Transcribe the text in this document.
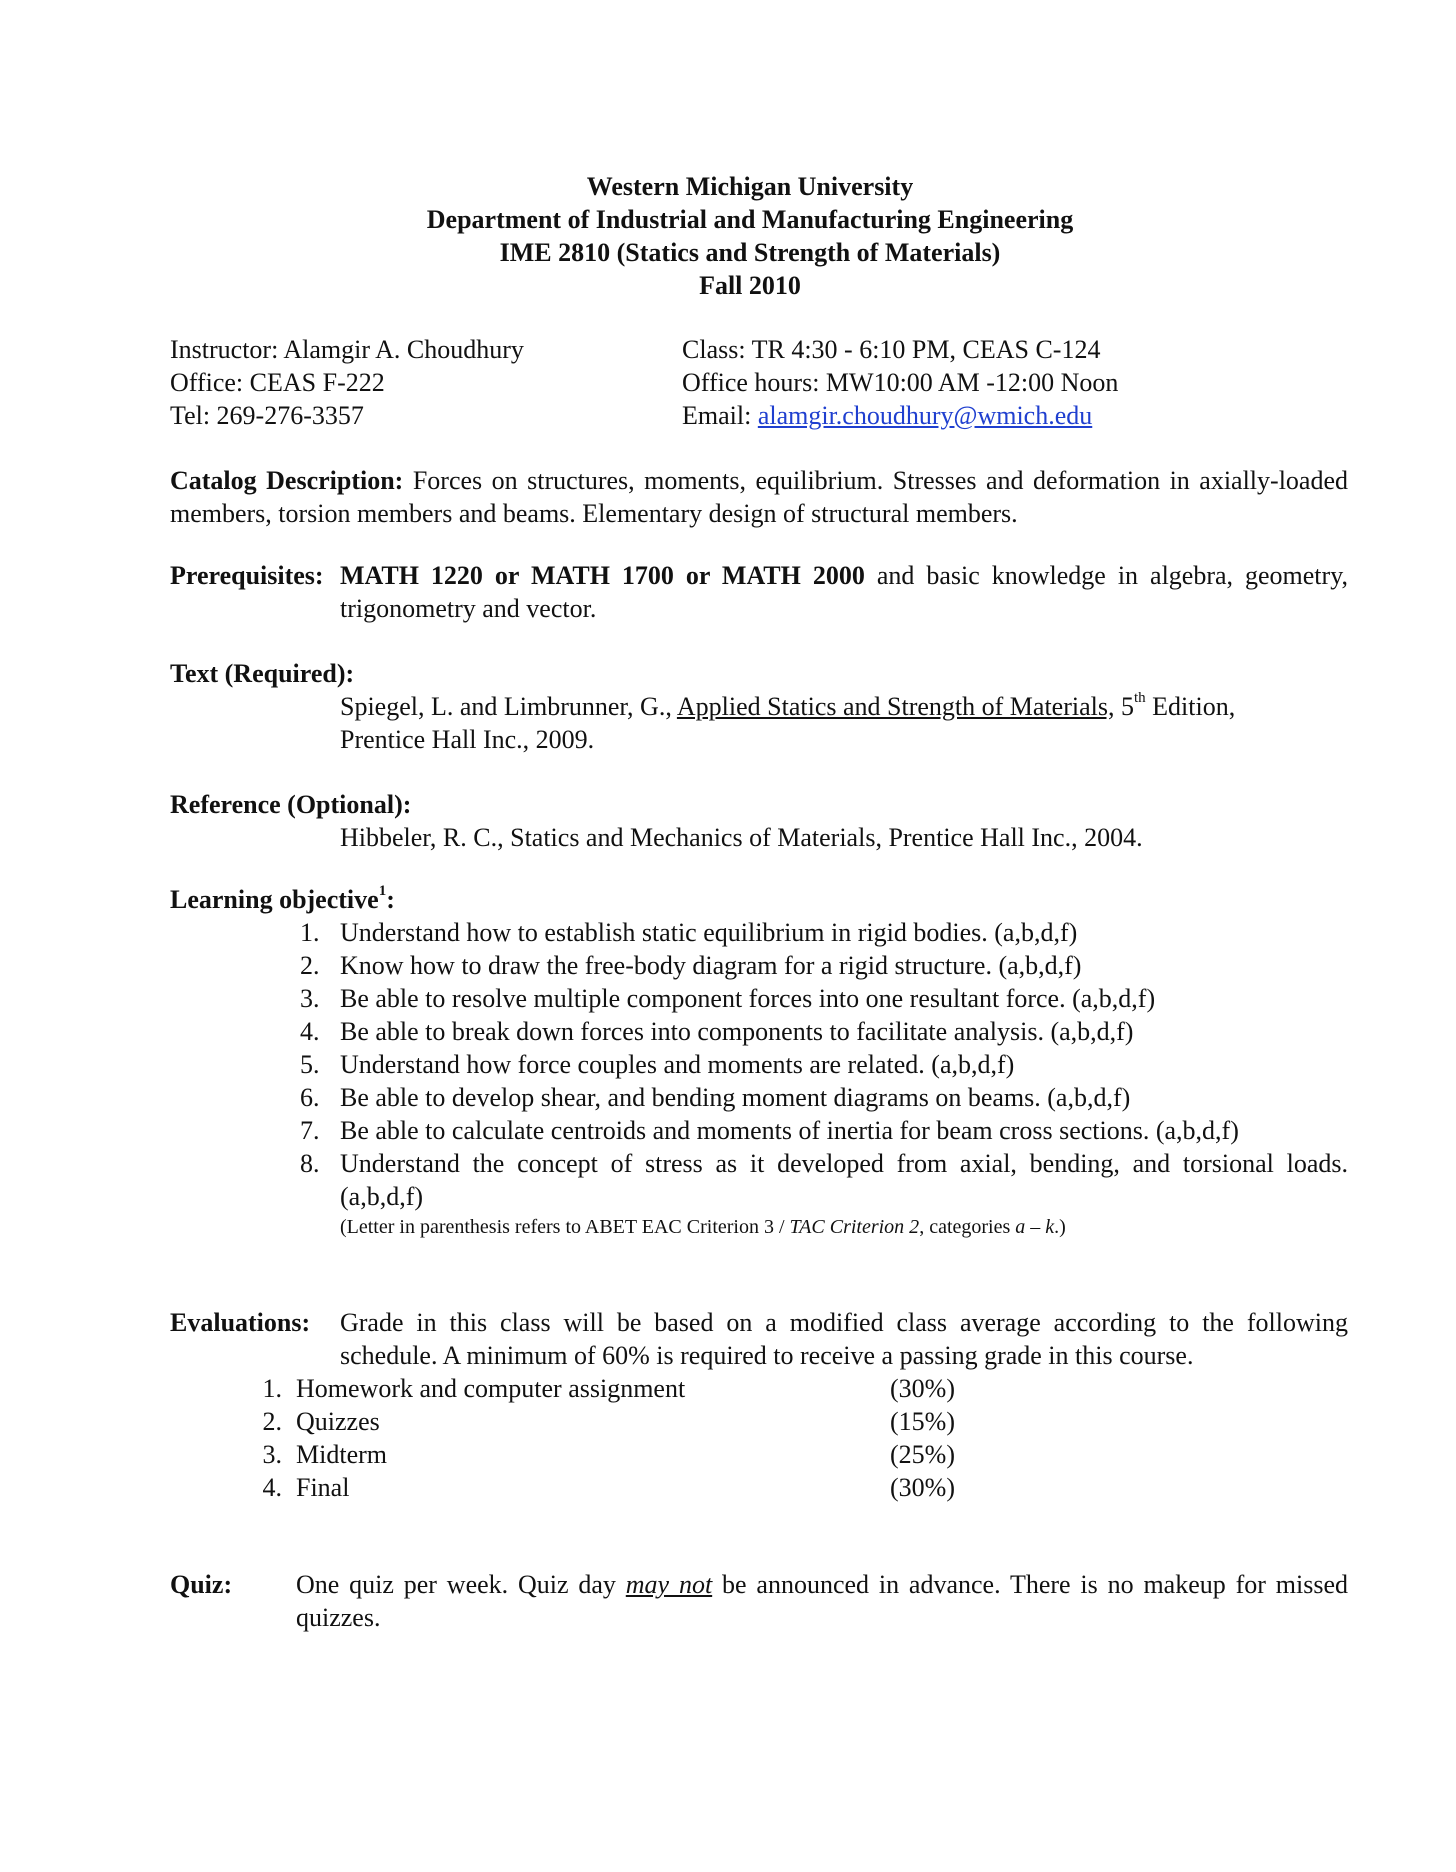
Western Michigan University
Department of Industrial and Manufacturing Engineering
IME 2810 (Statics and Strength of Materials)
Fall 2010
Instructor: Alamgir A. Choudhury	Class: TR 4:30 - 6:10 PM, CEAS C-124
Office: CEAS F-222	Office hours: MW10:00 AM -12:00 Noon
Tel: 269-276-3357	Email: alamgir.choudhury@wmich.edu
Catalog Description: Forces on structures, moments, equilibrium. Stresses and deformation in axially-loaded members, torsion members and beams. Elementary design of structural members.
Prerequisites: MATH 1220 or MATH 1700 or MATH 2000 and basic knowledge in algebra, geometry, trigonometry and vector.
Text (Required):
Spiegel, L. and Limbrunner, G., Applied Statics and Strength of Materials, 5th Edition,
Prentice Hall Inc., 2009.
Reference (Optional):
Hibbeler, R. C., Statics and Mechanics of Materials, Prentice Hall Inc., 2004.
Learning objective$^1$:
1. Understand how to establish static equilibrium in rigid bodies. (a,b,d,f)
2. Know how to draw the free-body diagram for a rigid structure. (a,b,d,f)
3. Be able to resolve multiple component forces into one resultant force. (a,b,d,f)
4. Be able to break down forces into components to facilitate analysis. (a,b,d,f)
5. Understand how force couples and moments are related. (a,b,d,f)
6. Be able to develop shear, and bending moment diagrams on beams. (a,b,d,f)
7. Be able to calculate centroids and moments of inertia for beam cross sections. (a,b,d,f)
8. Understand the concept of stress as it developed from axial, bending, and torsional loads. (a,b,d,f)
(Letter in parenthesis refers to ABET EAC Criterion 3 / TAC Criterion 2, categories a – k.)
Evaluations:	Grade in this class will be based on a modified class average according to the following schedule. A minimum of 60% is required to receive a passing grade in this course.
1. Homework and computer assignment	(30%)
2. Quizzes	(15%)
3. Midterm	(25%)
4. Final	(30%)
Quiz:	One quiz per week. Quiz day may not be announced in advance. There is no makeup for missed quizzes.
